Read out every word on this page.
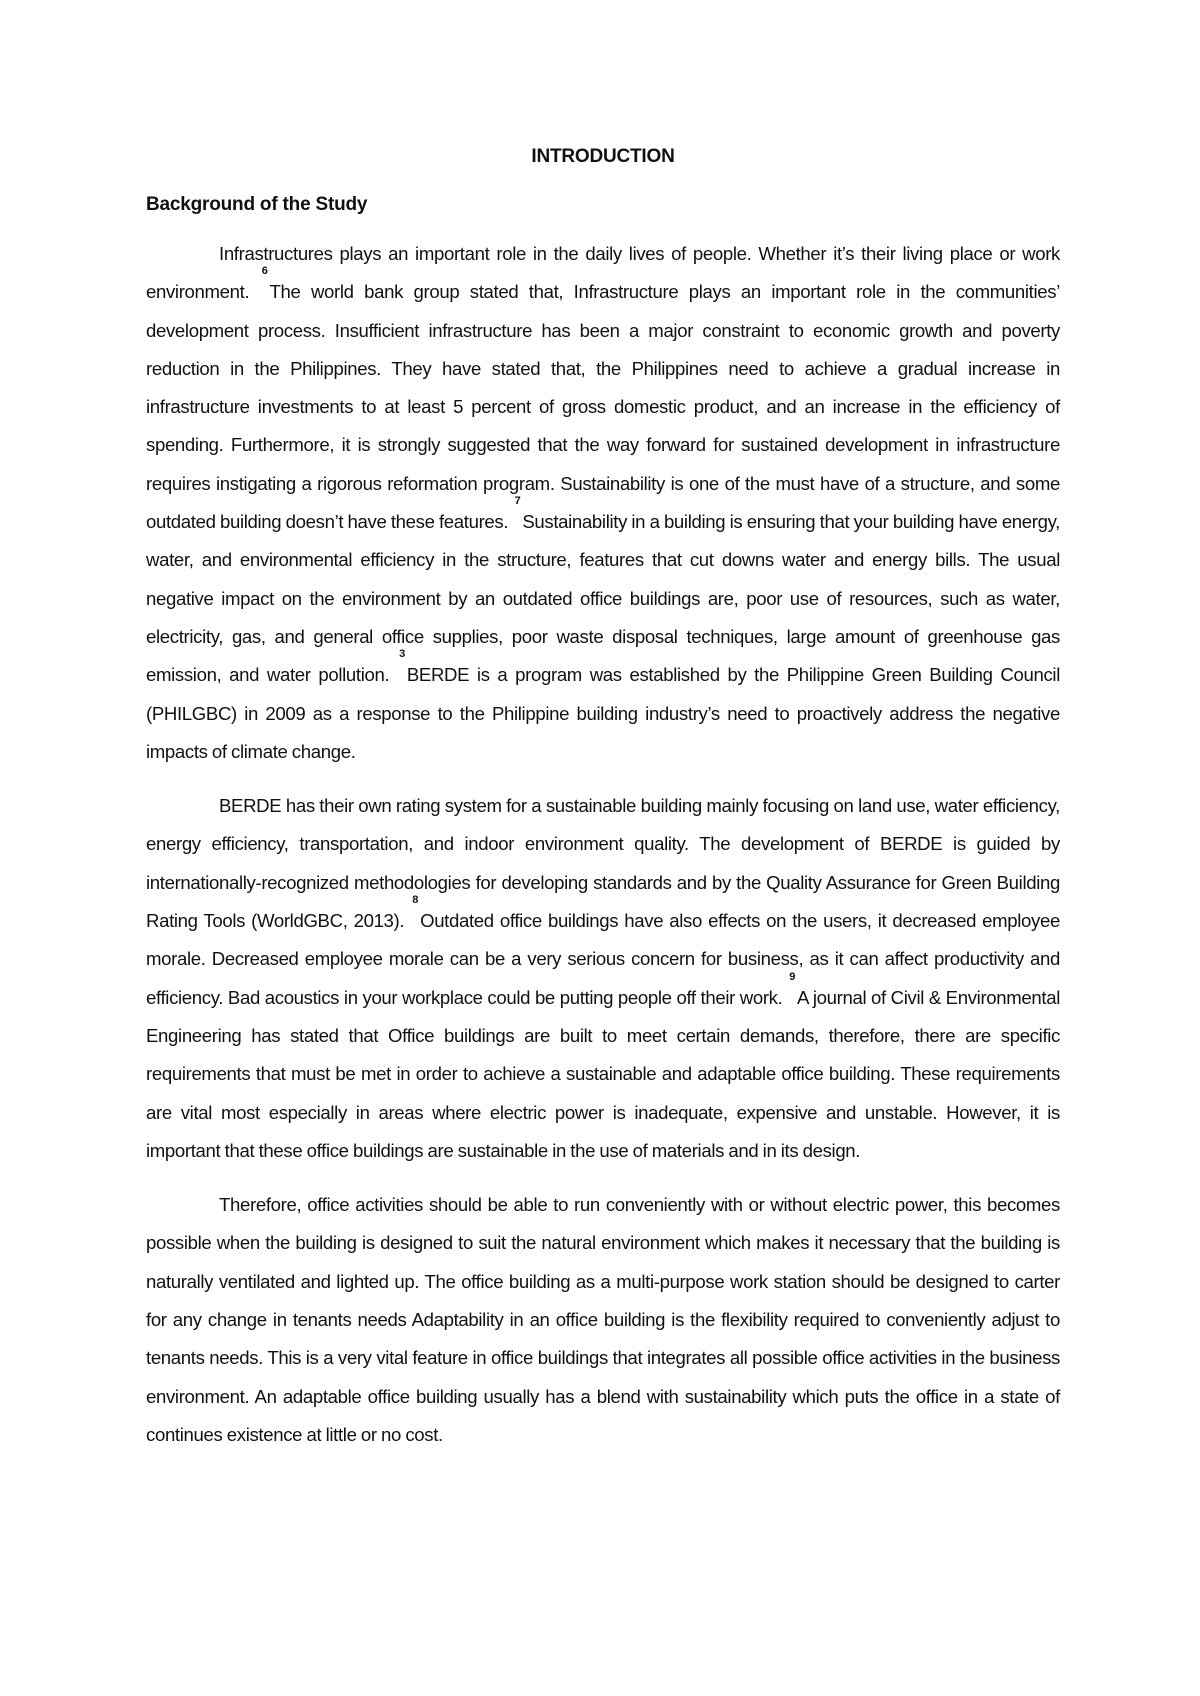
INTRODUCTION
Background of the Study

Infrastructures plays an important role in the daily lives of people. Whether it’s their living place or work environment. $^6$The world bank group stated that, Infrastructure plays an important role in the communities’ development process. Insufficient infrastructure has been a major constraint to economic growth and poverty reduction in the Philippines. They have stated that, the Philippines need to achieve a gradual increase in infrastructure investments to at least 5 percent of gross domestic product, and an increase in the efficiency of spending. Furthermore, it is strongly suggested that the way forward for sustained development in infrastructure requires instigating a rigorous reformation program. Sustainability is one of the must have of a structure, and some outdated building doesn’t have these features. $^7$Sustainability in a building is ensuring that your building have energy, water, and environmental efficiency in the structure, features that cut downs water and energy bills. The usual negative impact on the environment by an outdated office buildings are, poor use of resources, such as water, electricity, gas, and general office supplies, poor waste disposal techniques, large amount of greenhouse gas emission, and water pollution. $^3$BERDE is a program was established by the Philippine Green Building Council (PHILGBC) in 2009 as a response to the Philippine building industry’s need to proactively address the negative impacts of climate change.

BERDE has their own rating system for a sustainable building mainly focusing on land use, water efficiency, energy efficiency, transportation, and indoor environment quality. The development of BERDE is guided by internationally-recognized methodologies for developing standards and by the Quality Assurance for Green Building Rating Tools (WorldGBC, 2013). $^8$Outdated office buildings have also effects on the users, it decreased employee morale. Decreased employee morale can be a very serious concern for business, as it can affect productivity and efficiency. Bad acoustics in your workplace could be putting people off their work. $^9$A journal of Civil & Environmental Engineering has stated that Office buildings are built to meet certain demands, therefore, there are specific requirements that must be met in order to achieve a sustainable and adaptable office building. These requirements are vital most especially in areas where electric power is inadequate, expensive and unstable. However, it is important that these office buildings are sustainable in the use of materials and in its design.

Therefore, office activities should be able to run conveniently with or without electric power, this becomes possible when the building is designed to suit the natural environment which makes it necessary that the building is naturally ventilated and lighted up. The office building as a multi-purpose work station should be designed to carter for any change in tenants needs Adaptability in an office building is the flexibility required to conveniently adjust to tenants needs. This is a very vital feature in office buildings that integrates all possible office activities in the business environment. An adaptable office building usually has a blend with sustainability which puts the office in a state of continues existence at little or no cost.
